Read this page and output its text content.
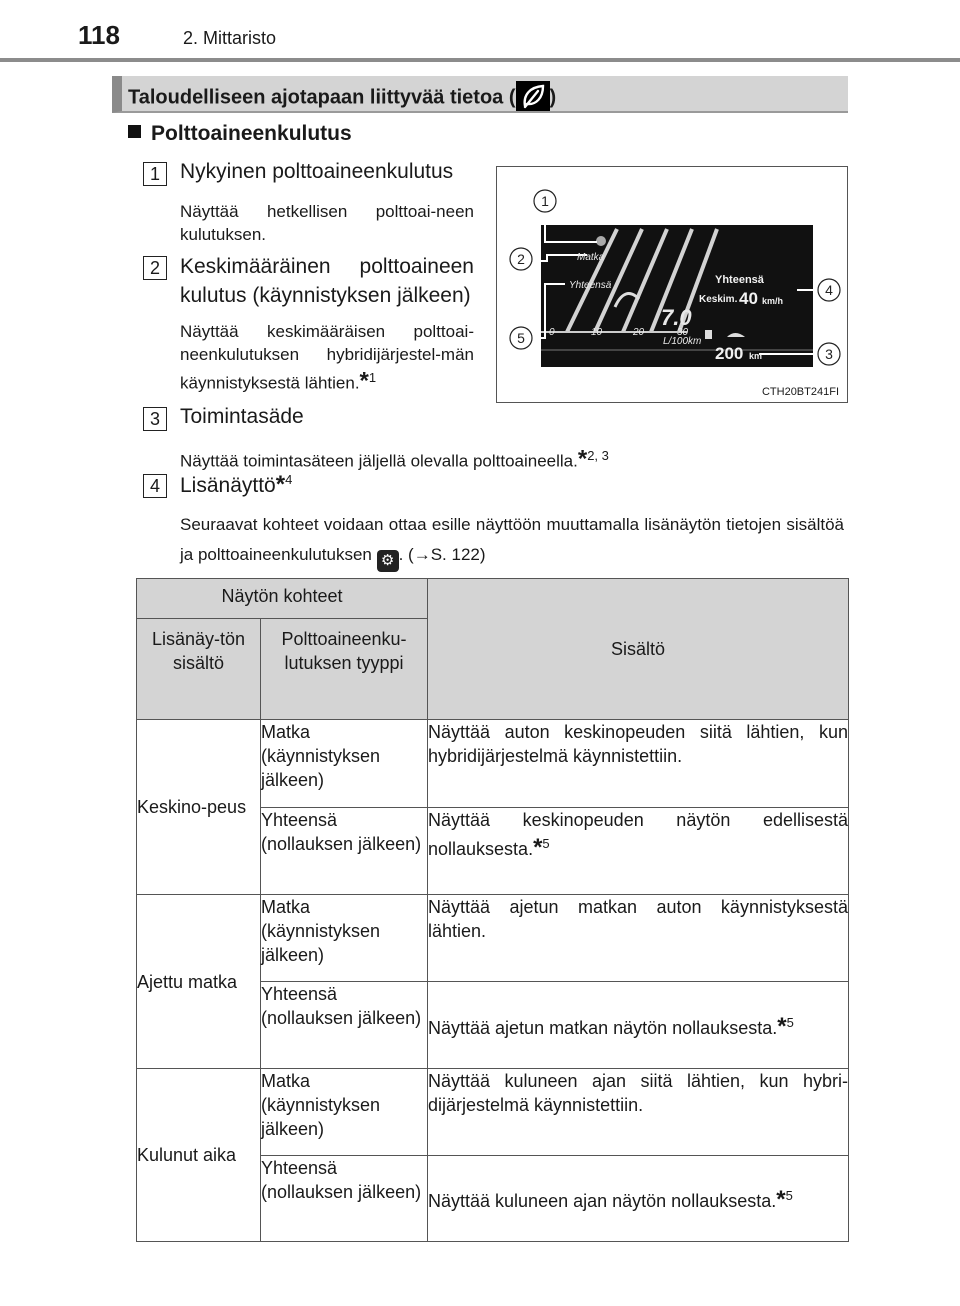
118	2. Mittaristo
Taloudelliseen ajotapaan liittyvää tietoa ( )
Polttoaineenkulutus
1 Nykyinen polttoaineenkulutus
Näyttää hetkellisen polttoai-neen kulutuksen.
2 Keskimääräinen polttoaineen kulutus (käynnistyksen jälkeen)
Näyttää keskimääräisen polttoai-neenkulutuksen hybridijärjestel-män käynnistyksestä lähtien.*$^1$
Matka
Yhteensä
7.0
L/100km
0	10	20	30
Yhteensä
Keskim. 40 km/h
200 km
1
2
3
4
5
CTH20BT241FI
3 Toimintasäde
Näyttää toimintasäteen jäljellä olevalla polttoaineella.*$^{2, 3}$
4 Lisänäyttö*$^4$
Seuraavat kohteet voidaan ottaa esille näyttöön muuttamalla lisänäytön tietojen sisältöä ja polttoaineenkulutuksen ⚙ . (→S. 122)
Näytön kohteet		Sisältö
Lisänäy-tön sisältö	Polttoaineenku-lutuksen tyyppi	
Keskino-peus	Matka (käynnistyksen jälkeen)	Näyttää auton keskinopeuden siitä lähtien, kun hybridijärjestelmä käynnistettiin.
	Yhteensä (nollauksen jälkeen)	Näyttää keskinopeuden näytön edellisestä nollauksesta.*$^5$
Ajettu matka	Matka (käynnistyksen jälkeen)	Näyttää ajetun matkan auton käynnistyksestä lähtien.
	Yhteensä (nollauksen jälkeen)	Näyttää ajetun matkan näytön nollauksesta.*$^5$
Kulunut aika	Matka (käynnistyksen jälkeen)	Näyttää kuluneen ajan siitä lähtien, kun hybri-dijärjestelmä käynnistettiin.
	Yhteensä (nollauksen jälkeen)	Näyttää kuluneen ajan näytön nollauksesta.*$^5$
